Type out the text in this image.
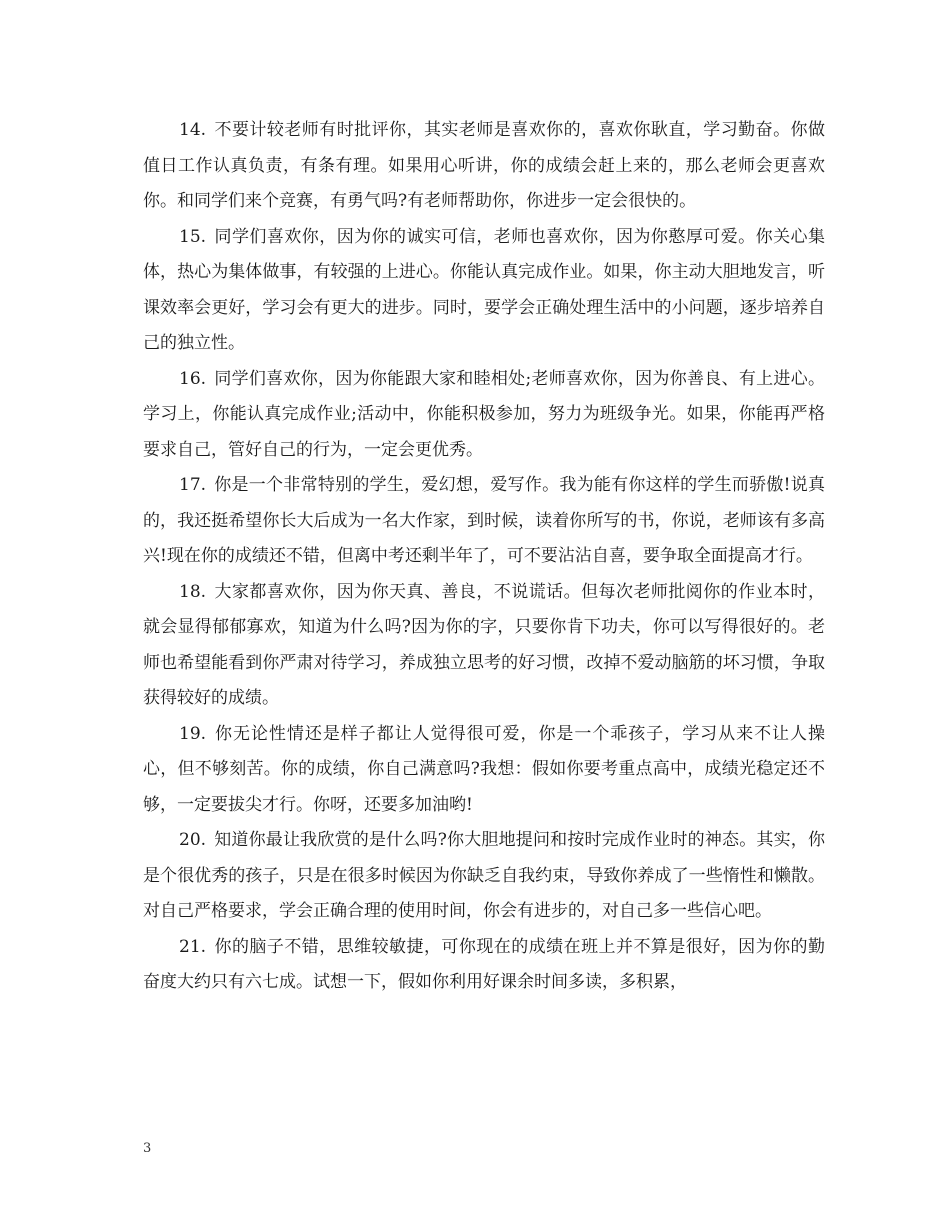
14. 不要计较老师有时批评你，其实老师是喜欢你的，喜欢你耿直，学习勤奋。你做值日工作认真负责，有条有理。如果用心听讲，你的成绩会赶上来的，那么老师会更喜欢你。和同学们来个竞赛，有勇气吗?有老师帮助你，你进步一定会很快的。

15. 同学们喜欢你，因为你的诚实可信，老师也喜欢你，因为你憨厚可爱。你关心集体，热心为集体做事，有较强的上进心。你能认真完成作业。如果，你主动大胆地发言，听课效率会更好，学习会有更大的进步。同时，要学会正确处理生活中的小问题，逐步培养自己的独立性。

16. 同学们喜欢你，因为你能跟大家和睦相处;老师喜欢你，因为你善良、有上进心。学习上，你能认真完成作业;活动中，你能积极参加，努力为班级争光。如果，你能再严格要求自己，管好自己的行为，一定会更优秀。

17. 你是一个非常特别的学生，爱幻想，爱写作。我为能有你这样的学生而骄傲!说真的，我还挺希望你长大后成为一名大作家，到时候，读着你所写的书，你说，老师该有多高兴!现在你的成绩还不错，但离中考还剩半年了，可不要沾沾自喜，要争取全面提高才行。

18. 大家都喜欢你，因为你天真、善良，不说谎话。但每次老师批阅你的作业本时，就会显得郁郁寡欢，知道为什么吗?因为你的字，只要你肯下功夫，你可以写得很好的。老师也希望能看到你严肃对待学习，养成独立思考的好习惯，改掉不爱动脑筋的坏习惯，争取获得较好的成绩。

19. 你无论性情还是样子都让人觉得很可爱，你是一个乖孩子，学习从来不让人操心，但不够刻苦。你的成绩，你自己满意吗?我想：假如你要考重点高中，成绩光稳定还不够，一定要拔尖才行。你呀，还要多加油哟!

20. 知道你最让我欣赏的是什么吗?你大胆地提问和按时完成作业时的神态。其实，你是个很优秀的孩子，只是在很多时候因为你缺乏自我约束，导致你养成了一些惰性和懒散。对自己严格要求，学会正确合理的使用时间，你会有进步的，对自己多一些信心吧。

21. 你的脑子不错，思维较敏捷，可你现在的成绩在班上并不算是很好，因为你的勤奋度大约只有六七成。试想一下，假如你利用好课余时间多读，多积累，

3
